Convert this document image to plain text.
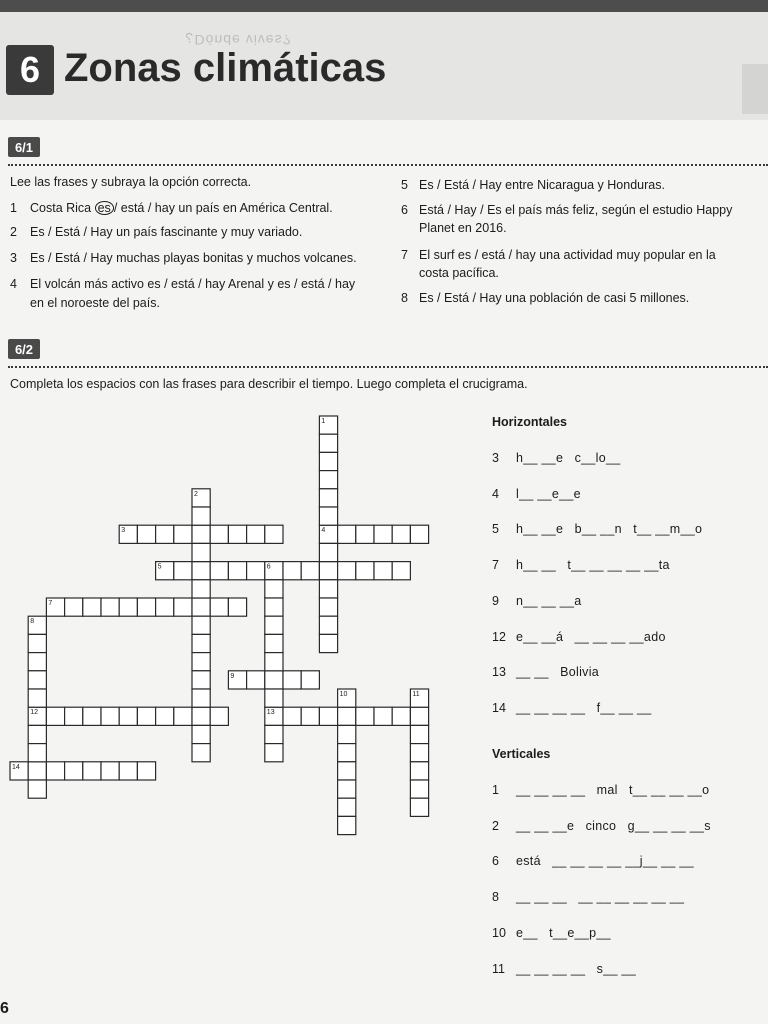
¿Dónde vives?
6 Zonas climáticas
6/1
Lee las frases y subraya la opción correcta.
1 Costa Rica es / está / hay un país en América Central.
2 Es / Está / Hay un país fascinante y muy variado.
3 Es / Está / Hay muchas playas bonitas y muchos volcanes.
4 El volcán más activo es / está / hay Arenal y es / está / hay
en el noroeste del país.
5 Es / Está / Hay entre Nicaragua y Honduras.
6 Está / Hay / Es el país más feliz, según el estudio Happy
Planet en 2016.
7 El surf es / está / hay una actividad muy popular en la
costa pacífica.
8 Es / Está / Hay una población de casi 5 millones.
6/2
Completa los espacios con las frases para describir el tiempo. Luego completa el crucigrama.
1
2
3	4
5	6
7
8
9
10	11
12	13
14
Horizontales
3	h__ __e   c__lo__
4	l__ __e__e
5	h__ __e   b__ __n   t__ __m__o
7	h__ __   t__ __ __ __ __ta
9	n__ __ __a
12 e__ __á   __ __ __ __ado
13 __ __   Bolivia
14 __ __ __ __   f__ __ __
Verticales
1	__ __ __ __   mal   t__ __ __ __o
2	__ __ __e   cinco   g__ __ __ __s
6	está   __ __ __ __ __j__ __ __
8	__ __ __   __ __ __ __ __ __
10 e__   t__e__p__
11 __ __ __ __   s__ __
6
